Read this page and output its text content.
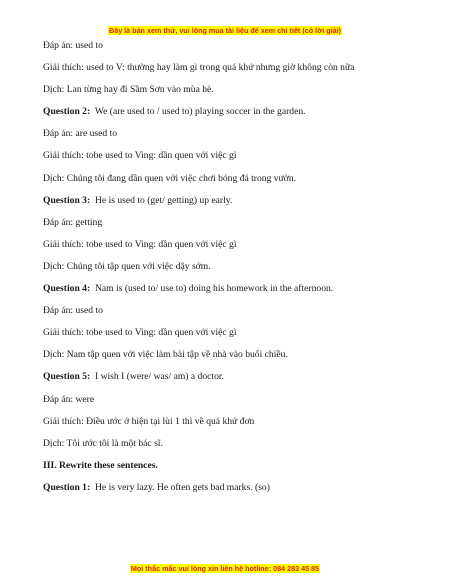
Đây là bản xem thử, vui lòng mua tài liệu để xem chi tiết (có lời giải)
Đáp án: used to
Giải thích: used to V: thường hay làm gì trong quá khứ nhưng giờ không còn nữa
Dịch: Lan từng hay đi Sầm Sơn vào mùa hè.
Question 2: We (are used to / used to) playing soccer in the garden.
Đáp án: are used to
Giải thích: tobe used to Ving: dần quen với việc gì
Dịch: Chúng tôi đang dần quen với việc chơi bóng đá trong vườn.
Question 3: He is used to (get/ getting) up early.
Đáp án: getting
Giải thích: tobe used to Ving: dần quen với việc gì
Dịch: Chúng tôi tập quen với việc dậy sớm.
Question 4: Nam is (used to/ use to) doing his homework in the afternoon.
Đáp án: used to
Giải thích: tobe used to Ving: dần quen với việc gì
Dịch: Nam tập quen với việc làm bài tập về nhà vào buổi chiều.
Question 5: I wish I (were/ was/ am) a doctor.
Đáp án: were
Giải thích: Điều ước ở hiện tại lùi 1 thì về quá khứ đơn
Dịch: Tôi ước tôi là một bác sĩ.
III. Rewrite these sentences.
Question 1: He is very lazy. He often gets bad marks. (so)
Mọi thắc mắc vui lòng xin liên hệ hotline: 084 283 45 85
